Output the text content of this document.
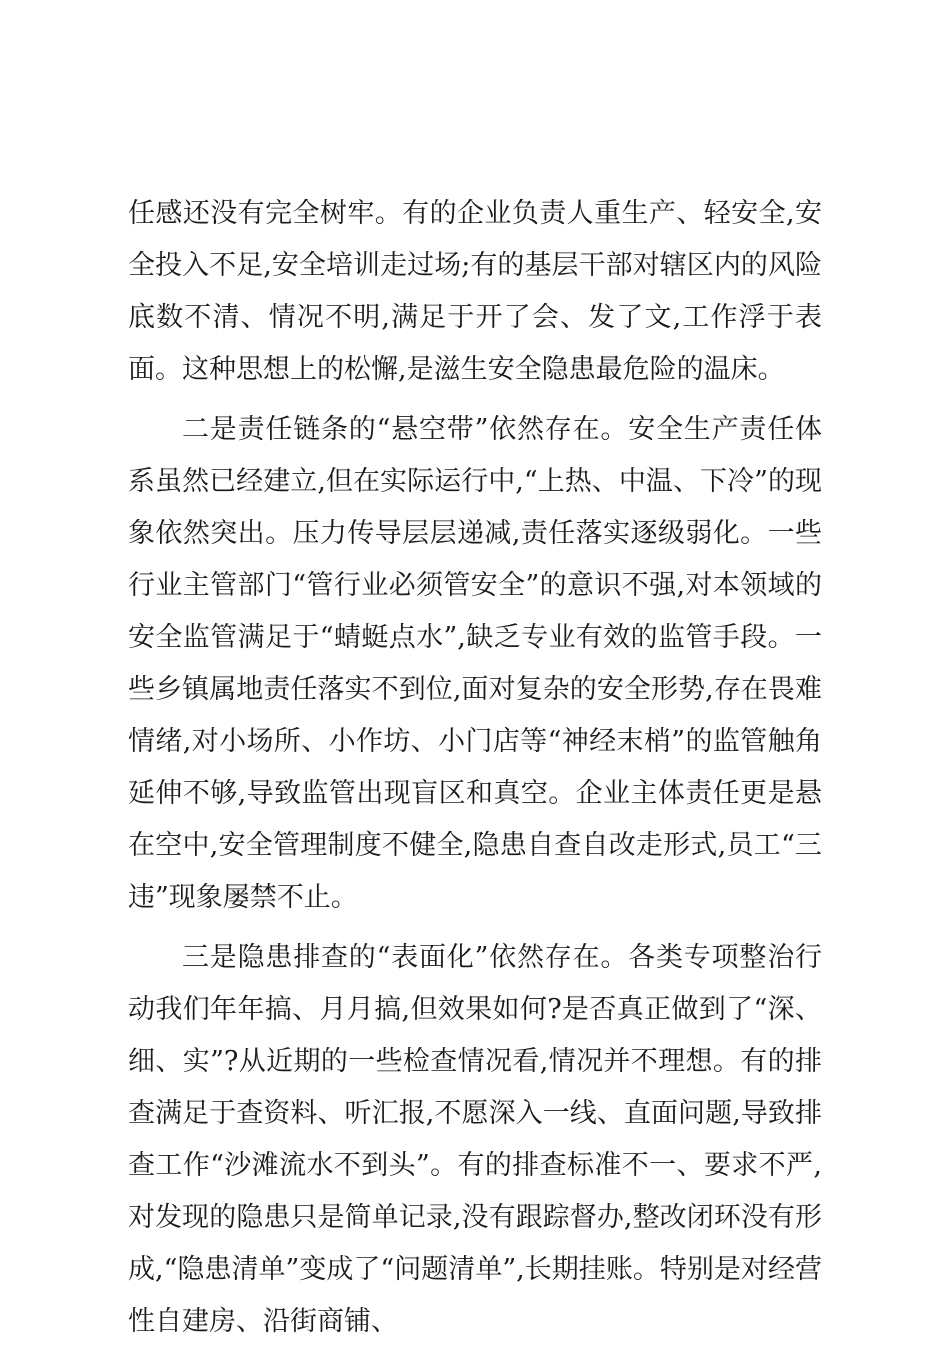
任感还没有完全树牢。有的企业负责人重生产、轻安全,安全投入不足,安全培训走过场;有的基层干部对辖区内的风险底数不清、情况不明,满足于开了会、发了文,工作浮于表面。这种思想上的松懈,是滋生安全隐患最危险的温床。

二是责任链条的“悬空带”依然存在。安全生产责任体系虽然已经建立,但在实际运行中,“上热、中温、下冷”的现象依然突出。压力传导层层递减,责任落实逐级弱化。一些行业主管部门“管行业必须管安全”的意识不强,对本领域的安全监管满足于“蜻蜓点水”,缺乏专业有效的监管手段。一些乡镇属地责任落实不到位,面对复杂的安全形势,存在畏难情绪,对小场所、小作坊、小门店等“神经末梢”的监管触角延伸不够,导致监管出现盲区和真空。企业主体责任更是悬在空中,安全管理制度不健全,隐患自查自改走形式,员工“三违”现象屡禁不止。

三是隐患排查的“表面化”依然存在。各类专项整治行动我们年年搞、月月搞,但效果如何?是否真正做到了“深、细、实”?从近期的一些检查情况看,情况并不理想。有的排查满足于查资料、听汇报,不愿深入一线、直面问题,导致排查工作“沙滩流水不到头”。有的排查标准不一、要求不严,对发现的隐患只是简单记录,没有跟踪督办,整改闭环没有形成,“隐患清单”变成了“问题清单”,长期挂账。特别是对经营性自建房、沿街商铺、
